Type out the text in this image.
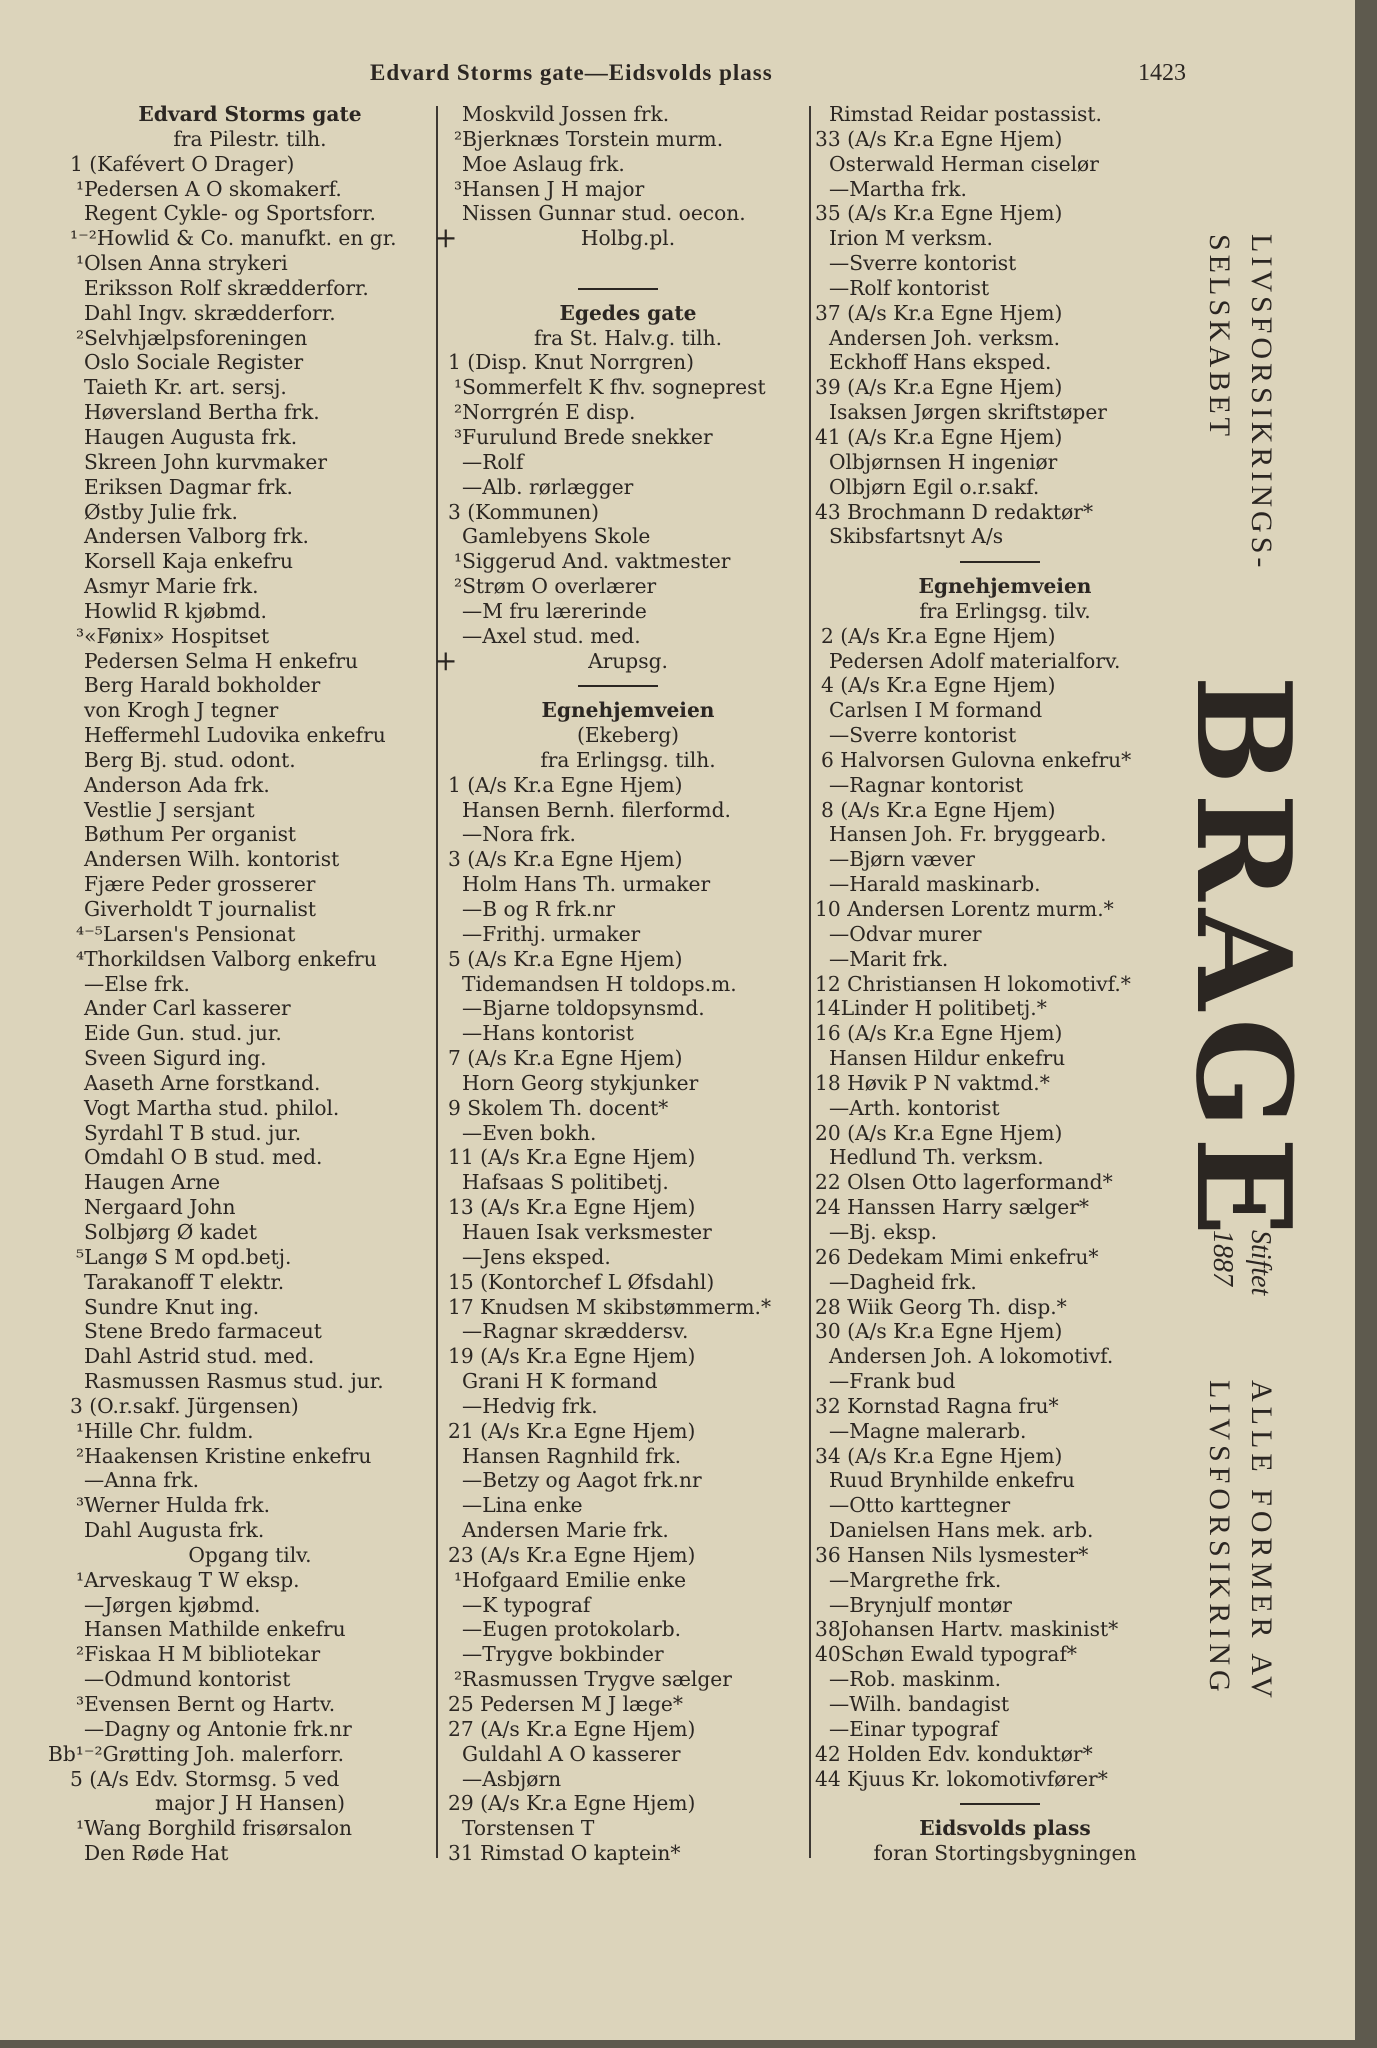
Edvard Storms gate—Eidsvolds plass	1423
Edvard Storms gate
fra Pilestr. tilh.
1 (Kafévert O Drager)
¹Pedersen A O skomakerf.
Regent Cykle- og Sportsforr.
¹⁻²Howlid & Co. manufkt. en gr.
¹Olsen Anna strykeri
Eriksson Rolf skrædderforr.
Dahl Ingv. skrædderforr.
²Selvhjælpsforeningen
Oslo Sociale Register
Taieth Kr. art. sersj.
Høversland Bertha frk.
Haugen Augusta frk.
Skreen John kurvmaker
Eriksen Dagmar frk.
Østby Julie frk.
Andersen Valborg frk.
Korsell Kaja enkefru
Asmyr Marie frk.
Howlid R kjøbmd.
³«Fønix» Hospitset
Pedersen Selma H enkefru
Berg Harald bokholder
von Krogh J tegner
Heffermehl Ludovika enkefru
Berg Bj. stud. odont.
Anderson Ada frk.
Vestlie J sersjant
Bøthum Per organist
Andersen Wilh. kontorist
Fjære Peder grosserer
Giverholdt T journalist
⁴⁻⁵Larsen's Pensionat
⁴Thorkildsen Valborg enkefru
—Else frk.
Ander Carl kasserer
Eide Gun. stud. jur.
Sveen Sigurd ing.
Aaseth Arne forstkand.
Vogt Martha stud. philol.
Syrdahl T B stud. jur.
Omdahl O B stud. med.
Haugen Arne
Nergaard John
Solbjørg Ø kadet
⁵Langø S M opd.betj.
Tarakanoff T elektr.
Sundre Knut ing.
Stene Bredo farmaceut
Dahl Astrid stud. med.
Rasmussen Rasmus stud. jur.
3 (O.r.sakf. Jürgensen)
¹Hille Chr. fuldm.
²Haakensen Kristine enkefru
—Anna frk.
³Werner Hulda frk.
Dahl Augusta frk.
Opgang tilv.
¹Arveskaug T W eksp.
—Jørgen kjøbmd.
Hansen Mathilde enkefru
²Fiskaa H M bibliotekar
—Odmund kontorist
³Evensen Bernt og Hartv.
—Dagny og Antonie frk.nr
Bb¹⁻²Grøtting Joh. malerforr.
5 (A/s Edv. Stormsg. 5 ved
major J H Hansen)
¹Wang Borghild frisørsalon
Den Røde Hat
Moskvild Jossen frk.
²Bjerknæs Torstein murm.
Moe Aslaug frk.
³Hansen J H major
Nissen Gunnar stud. oecon.
+	Holbg.pl.
Egedes gate
fra St. Halv.g. tilh.
1 (Disp. Knut Norrgren)
¹Sommerfelt K fhv. sogneprest
²Norrgrén E disp.
³Furulund Brede snekker
—Rolf
—Alb. rørlægger
3 (Kommunen)
Gamlebyens Skole
¹Siggerud And. vaktmester
²Strøm O overlærer
—M fru lærerinde
—Axel stud. med.
+	Arupsg.
Egnehjemveien
(Ekeberg)
fra Erlingsg. tilh.
1 (A/s Kr.a Egne Hjem)
Hansen Bernh. filerformd.
—Nora frk.
3 (A/s Kr.a Egne Hjem)
Holm Hans Th. urmaker
—B og R frk.nr
—Frithj. urmaker
5 (A/s Kr.a Egne Hjem)
Tidemandsen H toldops.m.
—Bjarne toldopsynsmd.
—Hans kontorist
7 (A/s Kr.a Egne Hjem)
Horn Georg stykjunker
9 Skolem Th. docent*
—Even bokh.
11 (A/s Kr.a Egne Hjem)
Hafsaas S politibetj.
13 (A/s Kr.a Egne Hjem)
Hauen Isak verksmester
—Jens eksped.
15 (Kontorchef L Øfsdahl)
17 Knudsen M skibstømmerm.*
—Ragnar skræddersv.
19 (A/s Kr.a Egne Hjem)
Grani H K formand
—Hedvig frk.
21 (A/s Kr.a Egne Hjem)
Hansen Ragnhild frk.
—Betzy og Aagot frk.nr
—Lina enke
Andersen Marie frk.
23 (A/s Kr.a Egne Hjem)
¹Hofgaard Emilie enke
—K typograf
—Eugen protokolarb.
—Trygve bokbinder
²Rasmussen Trygve sælger
25 Pedersen M J læge*
27 (A/s Kr.a Egne Hjem)
Guldahl A O kasserer
—Asbjørn
29 (A/s Kr.a Egne Hjem)
Torstensen T
31 Rimstad O kaptein*
Rimstad Reidar postassist.
33 (A/s Kr.a Egne Hjem)
Osterwald Herman ciselør
—Martha frk.
35 (A/s Kr.a Egne Hjem)
Irion M verksm.
—Sverre kontorist
—Rolf kontorist
37 (A/s Kr.a Egne Hjem)
Andersen Joh. verksm.
Eckhoff Hans eksped.
39 (A/s Kr.a Egne Hjem)
Isaksen Jørgen skriftstøper
41 (A/s Kr.a Egne Hjem)
Olbjørnsen H ingeniør
Olbjørn Egil o.r.sakf.
43 Brochmann D redaktør*
Skibsfartsnyt A/s
Egnehjemveien
fra Erlingsg. tilv.
2 (A/s Kr.a Egne Hjem)
Pedersen Adolf materialforv.
4 (A/s Kr.a Egne Hjem)
Carlsen I M formand
—Sverre kontorist
6 Halvorsen Gulovna enkefru*
—Ragnar kontorist
8 (A/s Kr.a Egne Hjem)
Hansen Joh. Fr. bryggearb.
—Bjørn væver
—Harald maskinarb.
10 Andersen Lorentz murm.*
—Odvar murer
—Marit frk.
12 Christiansen H lokomotivf.*
14Linder H politibetj.*
16 (A/s Kr.a Egne Hjem)
Hansen Hildur enkefru
18 Høvik P N vaktmd.*
—Arth. kontorist
20 (A/s Kr.a Egne Hjem)
Hedlund Th. verksm.
22 Olsen Otto lagerformand*
24 Hanssen Harry sælger*
—Bj. eksp.
26 Dedekam Mimi enkefru*
—Dagheid frk.
28 Wiik Georg Th. disp.*
30 (A/s Kr.a Egne Hjem)
Andersen Joh. A lokomotivf.
—Frank bud
32 Kornstad Ragna fru*
—Magne malerarb.
34 (A/s Kr.a Egne Hjem)
Ruud Brynhilde enkefru
—Otto karttegner
Danielsen Hans mek. arb.
36 Hansen Nils lysmester*
—Margrethe frk.
—Brynjulf montør
38Johansen Hartv. maskinist*
40Schøn Ewald typograf*
—Rob. maskinm.
—Wilh. bandagist
—Einar typograf
42 Holden Edv. konduktør*
44 Kjuus Kr. lokomotivfører*
Eidsvolds plass
foran Stortingsbygningen
LIVSFORSIKRINGS-
SELSKABET
BRAGE
Stiftet
1887
ALLE FORMER AV
LIVSFORSIKRING
